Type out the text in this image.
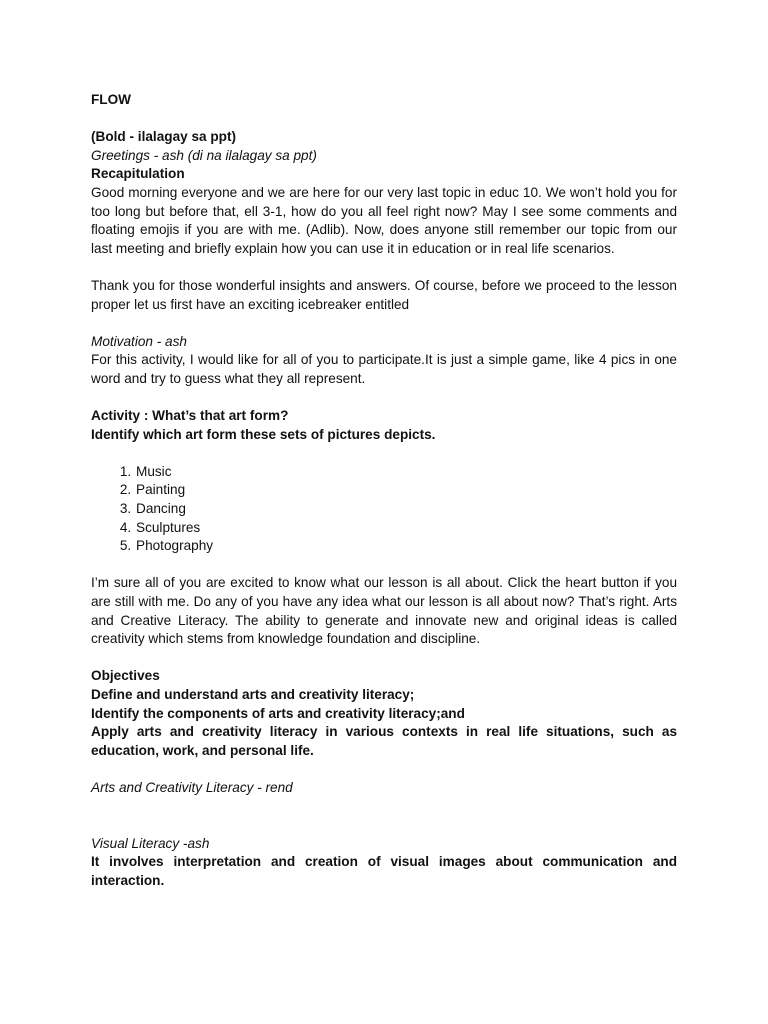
FLOW

(Bold - ilalagay sa ppt)

Greetings - ash (di na ilalagay sa ppt)

Recapitulation

Good morning everyone and we are here for our very last topic in educ 10. We won’t hold you for too long but before that, ell 3-1, how do you all feel right now? May I see some comments and floating emojis if you are with me. (Adlib). Now, does anyone still remember our topic from our last meeting and briefly explain how you can use it in education or in real life scenarios.

Thank you for those wonderful insights and answers. Of course, before we proceed to the lesson proper let us first have an exciting icebreaker entitled

Motivation - ash

For this activity, I would like for all of you to participate.It is just a simple game, like 4 pics in one word and try to guess what they all represent.

Activity : What’s that art form?

Identify which art form these sets of pictures depicts.

1. Music
2. Painting
3. Dancing
4. Sculptures
5. Photography

I’m sure all of you are excited to know what our lesson is all about. Click the heart button if you are still with me. Do any of you have any idea what our lesson is all about now? That’s right. Arts and Creative Literacy. The ability to generate and innovate new and original ideas is called creativity which stems from knowledge foundation and discipline.

Objectives

Define and understand arts and creativity literacy;

Identify the components of arts and creativity literacy;and

Apply arts and creativity literacy in various contexts in real life situations, such as education, work, and personal life.

Arts and Creativity Literacy - rend

Visual Literacy -ash

It involves interpretation and creation of visual images about communication and interaction.
